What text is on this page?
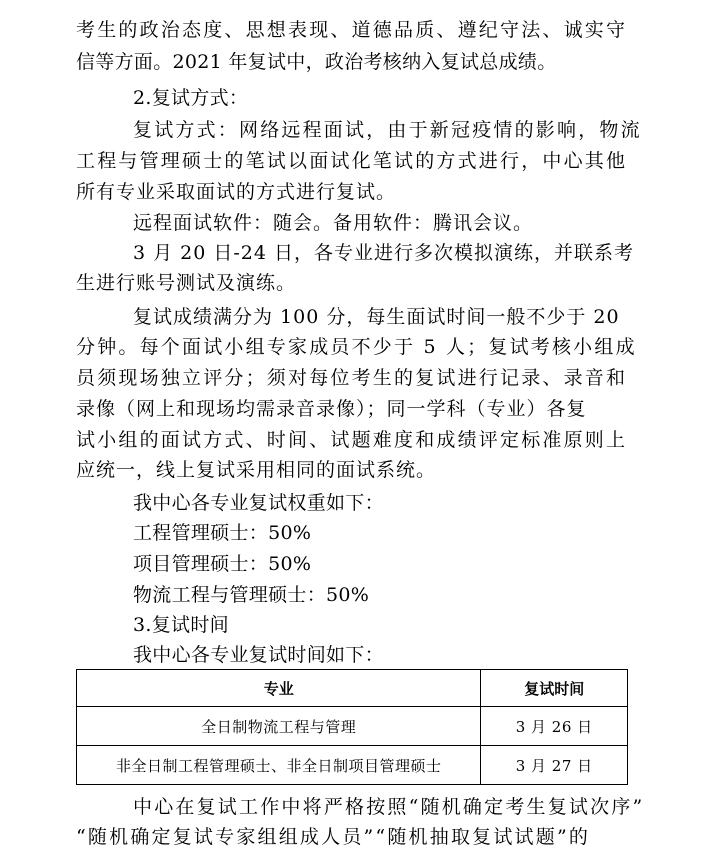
考生的政治态度、思想表现、道德品质、遵纪守法、诚实守
信等方面。2021 年复试中，政治考核纳入复试总成绩。
2.复试方式：
复试方式：网络远程面试，由于新冠疫情的影响，物流
工程与管理硕士的笔试以面试化笔试的方式进行，中心其他
所有专业采取面试的方式进行复试。
远程面试软件：随会。备用软件：腾讯会议。
3 月 20 日-24 日，各专业进行多次模拟演练，并联系考
生进行账号测试及演练。
复试成绩满分为 100 分，每生面试时间一般不少于 20
分钟。每个面试小组专家成员不少于 5 人；复试考核小组成
员须现场独立评分；须对每位考生的复试进行记录、录音和
录像（网上和现场均需录音录像）；同一学科（专业）各复
试小组的面试方式、时间、试题难度和成绩评定标准原则上
应统一，线上复试采用相同的面试系统。
我中心各专业复试权重如下：
工程管理硕士：50%
项目管理硕士：50%
物流工程与管理硕士：50%
3.复试时间
我中心各专业复试时间如下：
专业	复试时间
全日制物流工程与管理	3 月 26 日
非全日制工程管理硕士、非全日制项目管理硕士	3 月 27 日
中心在复试工作中将严格按照“随机确定考生复试次序”
“随机确定复试专家组组成人员”“随机抽取复试试题”的
